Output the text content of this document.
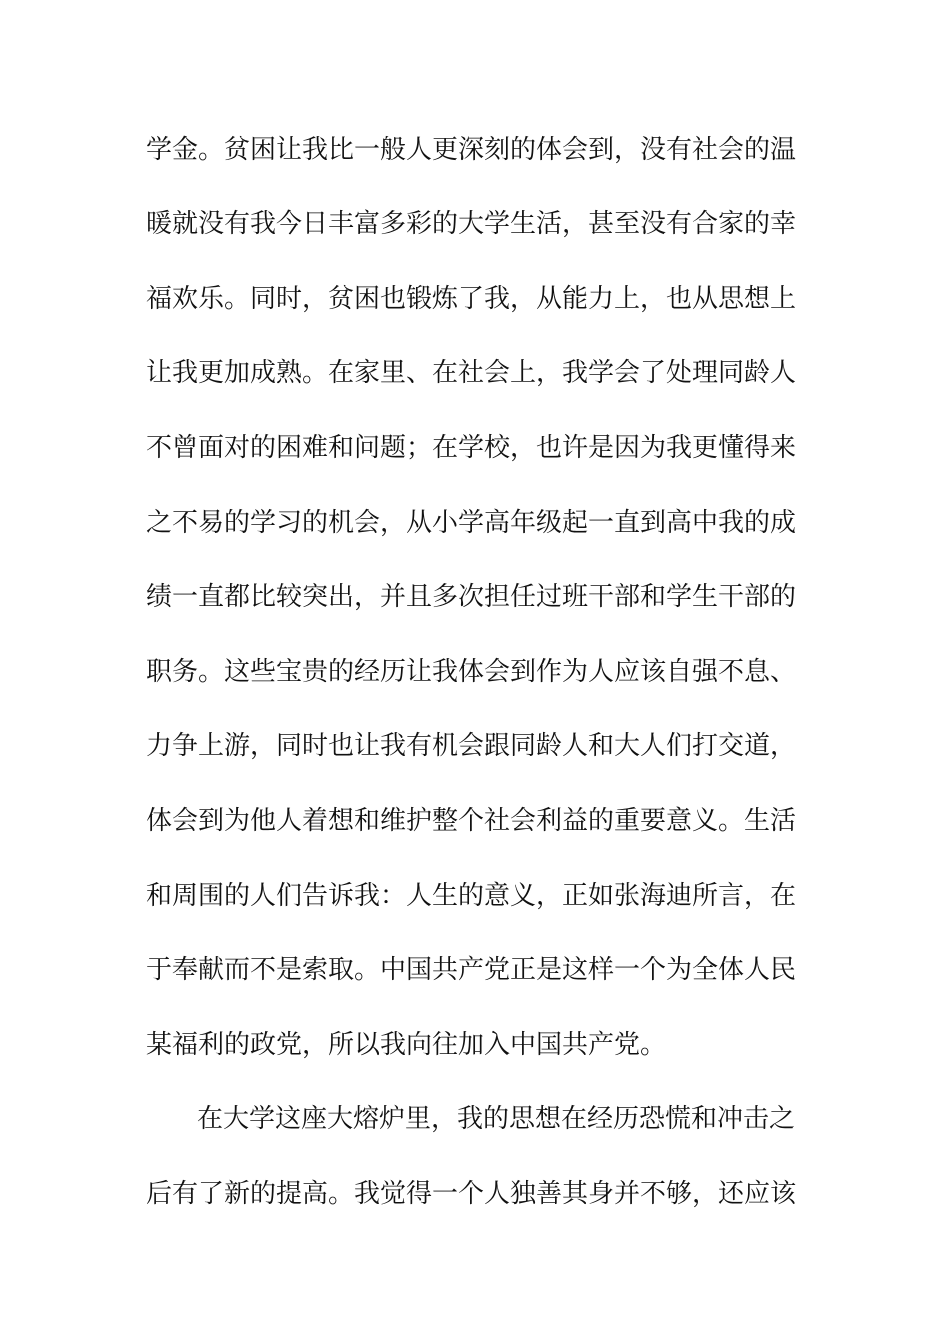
学金。贫困让我比一般人更深刻的体会到，没有社会的温
暖就没有我今日丰富多彩的大学生活，甚至没有合家的幸
福欢乐。同时，贫困也锻炼了我，从能力上，也从思想上
让我更加成熟。在家里、在社会上，我学会了处理同龄人
不曾面对的困难和问题；在学校，也许是因为我更懂得来
之不易的学习的机会，从小学高年级起一直到高中我的成
绩一直都比较突出，并且多次担任过班干部和学生干部的
职务。这些宝贵的经历让我体会到作为人应该自强不息、
力争上游，同时也让我有机会跟同龄人和大人们打交道，
体会到为他人着想和维护整个社会利益的重要意义。生活
和周围的人们告诉我：人生的意义，正如张海迪所言，在
于奉献而不是索取。中国共产党正是这样一个为全体人民
某福利的政党，所以我向往加入中国共产党。
在大学这座大熔炉里，我的思想在经历恐慌和冲击之
后有了新的提高。我觉得一个人独善其身并不够，还应该
